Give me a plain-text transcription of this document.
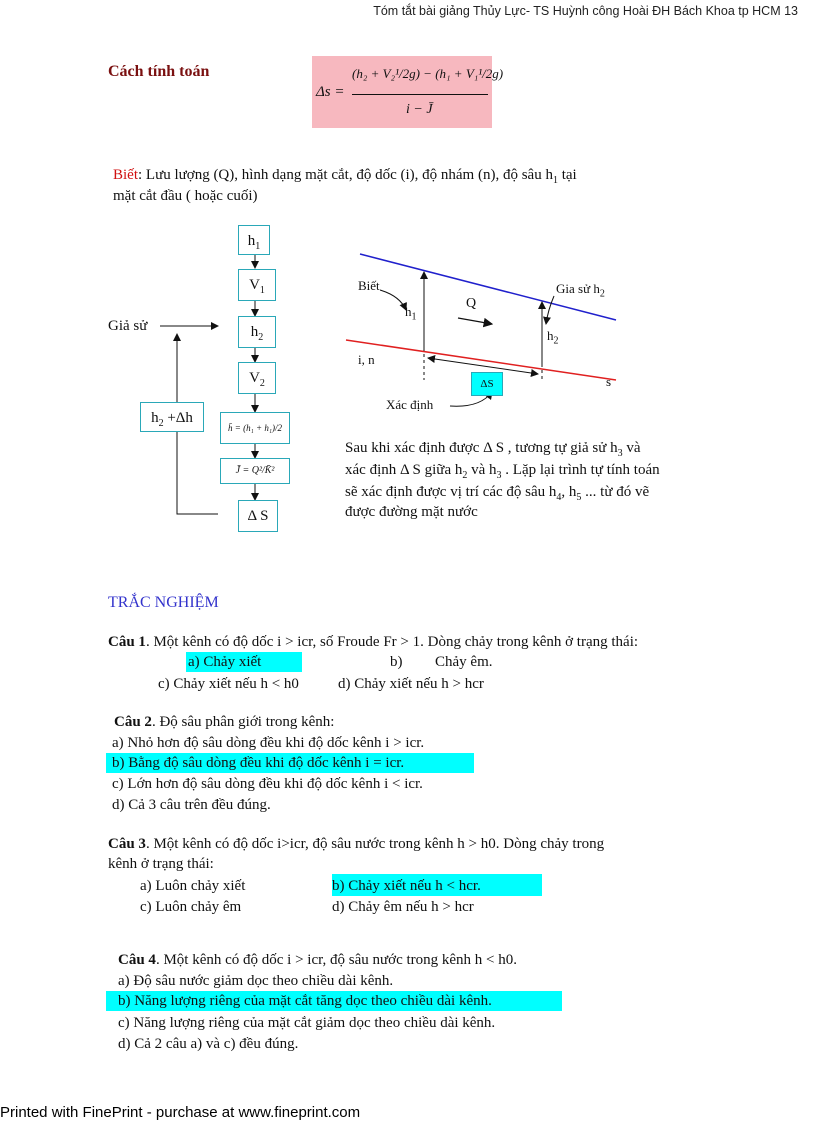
Tóm tắt bài giảng Thủy Lực- TS Huỳnh công Hoài ĐH Bách Khoa tp HCM 13
Cách tính toán
Δs =
(h₂ + V₂¹/2g) − (h₁ + V₁¹/2g)
i − J̄
Biết: Lưu lượng (Q), hình dạng mặt cắt, độ dốc (i), độ nhám (n), độ sâu $h_1$ tại
mặt cắt đầu ( hoặc cuối)
Giả sử
$h_1$
$V_1$
$h_2$
$V_2$
h̄ = (h₁ + h₁)/2
J̄ = Q²/K̄²
Δ S
$h_2 +\Delta h$
Biết
$h_1$
Q
Gia sử $h_2$
$h_2$
i, n
s
ΔS
Xác định
Sau khi xác định được Δ S , tương tự giả sử $h_3$ và
xác định Δ S giữa $h_2$ và $h_3$ . Lặp lại trình tự tính toán
sẽ xác định được vị trí các độ sâu $h_4$, $h_5$ ... từ đó vẽ
được đường mặt nước
TRẮC NGHIỆM
Câu 1. Một kênh có độ dốc i > icr, số Froude Fr > 1. Dòng chảy trong kênh ở trạng thái:
a) Chảy xiết	b) Chảy êm.
c) Chảy xiết nếu h < h0	d) Chảy xiết nếu h > hcr
Câu 2. Độ sâu phân giới trong kênh:
a) Nhỏ hơn độ sâu dòng đều khi độ dốc kênh i > icr.
b) Bằng độ sâu dòng đều khi độ dốc kênh i = icr.
c) Lớn hơn độ sâu dòng đều khi độ dốc kênh i < icr.
d) Cả 3 câu trên đều đúng.
Câu 3. Một kênh có độ dốc i>icr, độ sâu nước trong kênh h > h0. Dòng chảy trong
kênh ở trạng thái:
a) Luôn chảy xiết	b) Chảy xiết nếu h < hcr.
c) Luôn chảy êm	d) Chảy êm nếu h > hcr
Câu 4. Một kênh có độ dốc i > icr, độ sâu nước trong kênh h < h0.
a) Độ sâu nước giảm dọc theo chiều dài kênh.
b) Năng lượng riêng của mặt cắt tăng dọc theo chiều dài kênh.
c) Năng lượng riêng của mặt cắt giảm dọc theo chiều dài kênh.
d) Cả 2 câu a) và c) đều đúng.
Printed with FinePrint - purchase at www.fineprint.com
